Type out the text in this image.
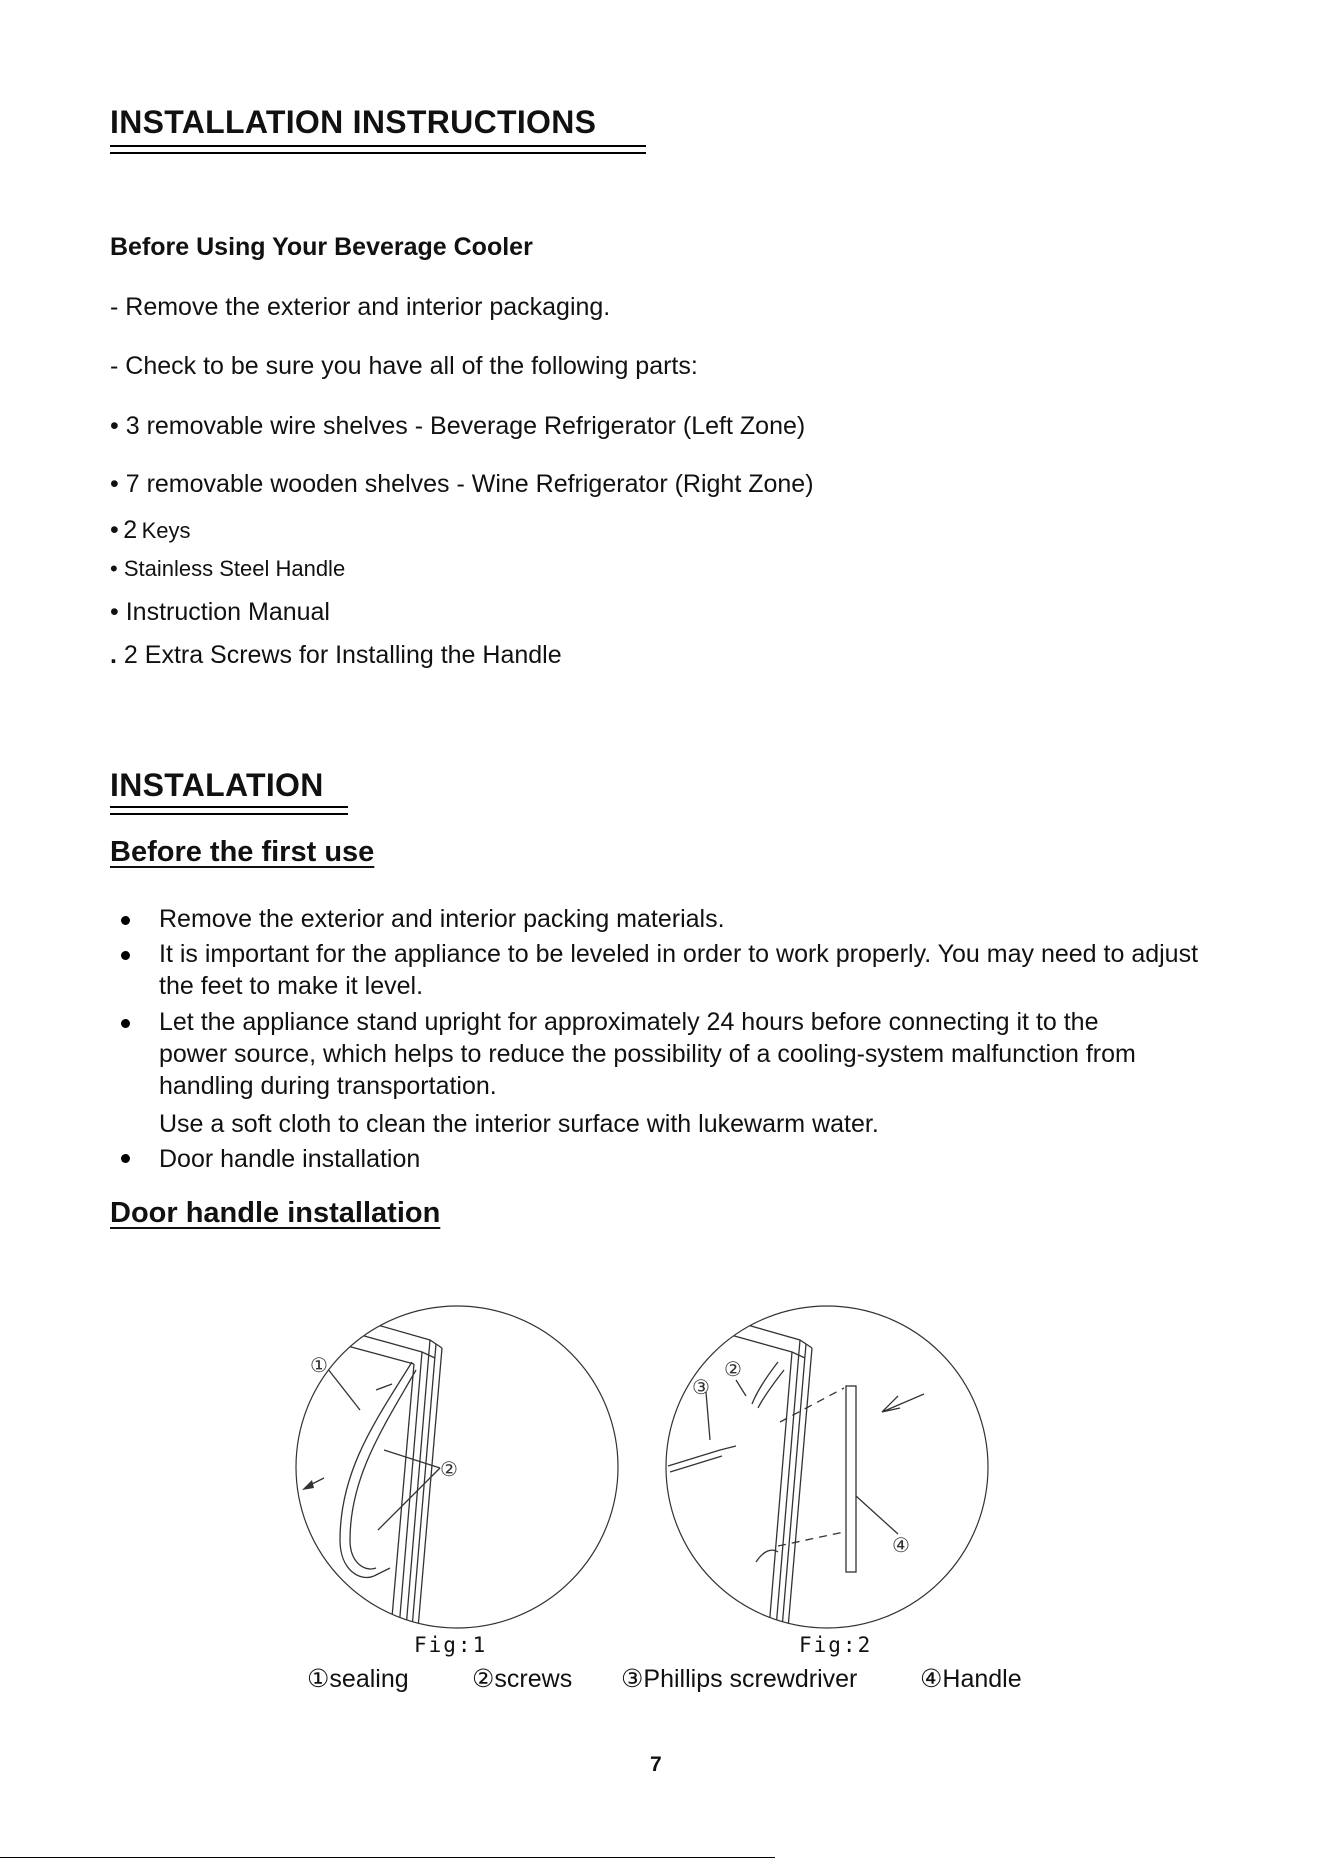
INSTALLATION INSTRUCTIONS
Before Using Your Beverage Cooler
- Remove the exterior and interior packaging.
- Check to be sure you have all of the following parts:
• 3 removable wire shelves - Beverage Refrigerator (Left Zone)
• 7 removable wooden shelves - Wine Refrigerator (Right Zone)
• 2 Keys
• Stainless Steel Handle
• Instruction Manual
. 2 Extra Screws for Installing the Handle
INSTALATION
Before the first use
Remove the exterior and interior packing materials.
It is important for the appliance to be leveled in order to work properly. You may need to adjust the feet to make it level.
Let the appliance stand upright for approximately 24 hours before connecting it to the power source, which helps to reduce the possibility of a cooling-system malfunction from handling during transportation.
Use a soft cloth to clean the interior surface with lukewarm water.
Door handle installation
Door handle installation
①
②
②
③
④
Fig:1	Fig:2
①sealing	②screws ③Phillips screwdriver	④Handle
7
